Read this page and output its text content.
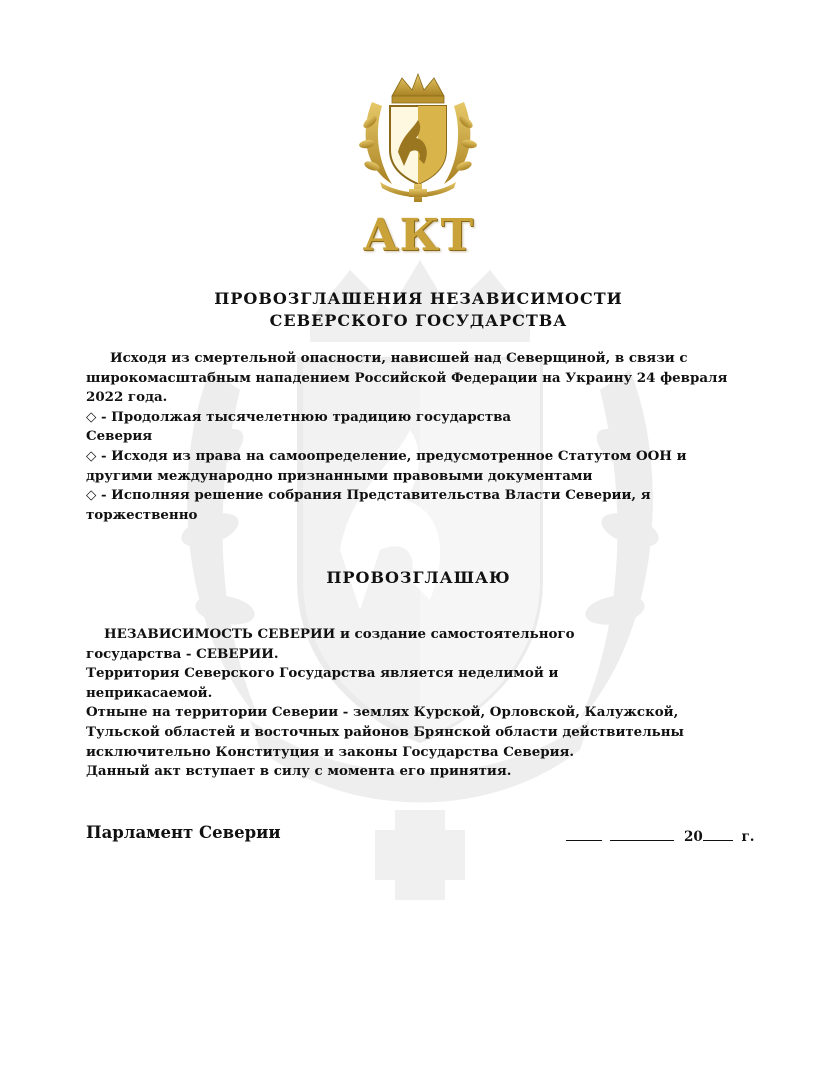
АКТ
ПРОВОЗГЛАШЕНИЯ НЕЗАВИСИМОСТИ
СЕВЕРСКОГО ГОСУДАРСТВА
Исходя из смертельной опасности, нависшей над Северщиной, в связи с
широкомасштабным нападением Российской Федерации на Украину 24 февраля
2022 года.
◇ - Продолжая тысячелетнюю традицию государства
Северия
◇ - Исходя из права на самоопределение, предусмотренное Статутом ООН и
другими международно признанными правовыми документами
◇ - Исполняя решение собрания Представительства Власти Северии, я
торжественно
ПРОВОЗГЛАШАЮ
НЕЗАВИСИМОСТЬ СЕВЕРИИ и создание самостоятельного
государства - СЕВЕРИИ.
Территория Северского Государства является неделимой и
неприкасаемой.
Отныне на территории Северии - землях Курской, Орловской, Калужской,
Тульской областей и восточных районов Брянской области действительны
исключительно Конституция и законы Государства Северия.
Данный акт вступает в силу с момента его принятия.
Парламент Северии	20	г.
